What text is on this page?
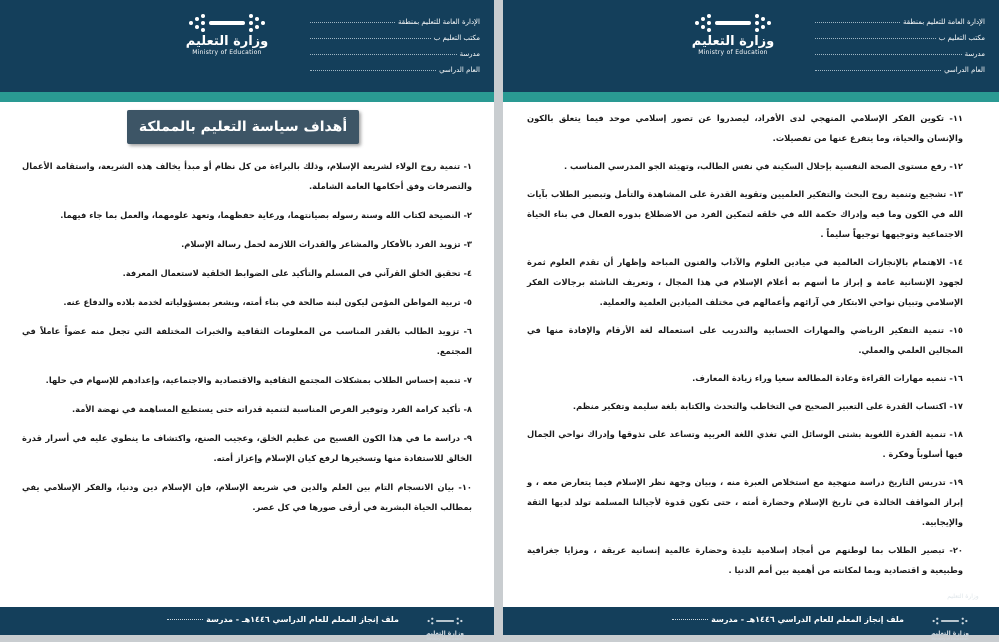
الإدارة العامة للتعليم بمنطقة
مكتب التعليم ب
مدرسة
العام الدراسي
وزارة التعليم
Ministry of Education
أهداف سياسة التعليم بالمملكة
١- تنمية روح الولاء لشريعة الإسلام، وذلك بالبراءة من كل نظام أو مبدأ يخالف هذه الشريعة، واستقامة الأعمال والتصرفات وفق أحكامها العامة الشاملة.
٢- النصيحة لكتاب الله وسنة رسوله بصيانتهما، ورعاية حفظهما، وتعهد علومهما، والعمل بما جاء فيهما.
٣- تزويد الفرد بالأفكار والمشاعر والقدرات اللازمة لحمل رسالة الإسلام.
٤- تحقيق الخلق القرآني في المسلم والتأكيد على الضوابط الخلقية لاستعمال المعرفة.
٥- تربية المواطن المؤمن ليكون لبنة صالحة في بناء أمته، ويشعر بمسؤولياته لخدمة بلاده والدفاع عنه.
٦- تزويد الطالب بالقدر المناسب من المعلومات الثقافية والخبرات المختلفة التي تجعل منه عضواً عاملاً في المجتمع.
٧- تنمية إحساس الطلاب بمشكلات المجتمع الثقافية والاقتصادية والاجتماعية، وإعدادهم للإسهام في حلها.
٨- تأكيد كرامة الفرد وتوفير الفرص المناسبة لتنمية قدراته حتى يستطيع المساهمة في نهضة الأمة.
٩- دراسة ما في هذا الكون الفسيح من عظيم الخلق، وعجيب الصنع، واكتشاف ما ينطوي عليه في أسرار قدرة الخالق للاستفادة منها وتسخيرها لرفع كيان الإسلام وإعزاز أمته.
١٠- بيان الانسجام التام بين العلم والدين في شريعة الإسلام، فإن الإسلام دين ودنيا، والفكر الإسلامي يفي بمطالب الحياة البشرية في أرقى صورها في كل عصر.
ملف إنجاز المعلم للعام الدراسي ١٤٤٦هـ - مدرسة
وزارة التعليم
Ministry of Education
الإدارة العامة للتعليم بمنطقة
مكتب التعليم ب
مدرسة
العام الدراسي
وزارة التعليم
Ministry of Education
١١- تكوين الفكر الإسلامي المنهجي لدى الأفراد، ليصدروا عن تصور إسلامي موحد فيما يتعلق بالكون والإنسان والحياة، وما يتفرع عنها من تفصيلات.
١٢- رفع مستوى الصحة النفسية بإحلال السكينة في نفس الطالب، وتهيئة الجو المدرسي المناسب .
١٣- تشجيع وتنمية روح البحث والتفكير العلميين وتقوية القدرة على المشاهدة والتأمل وتبصير الطلاب بآيات الله في الكون وما فيه وإدراك حكمة الله في خلقه لتمكين الفرد من الاضطلاع بدوره الفعال في بناء الحياة الاجتماعية وتوجيهها توجيهاً سليماً .
١٤- الاهتمام بالإنجازات العالمية في ميادين العلوم والآداب والفنون المباحة وإظهار أن تقدم العلوم ثمرة لجهود الإنسانية عامة و إبراز ما أسهم به أعلام الإسلام في هذا المجال ، وتعريف الناشئة برجالات الفكر الإسلامي وتبيان نواحي الابتكار في آرائهم وأعمالهم في مختلف الميادين العلمية والعملية.
١٥- تنمية التفكير الرياضي والمهارات الحسابية والتدريب على استعماله لغة الأرقام والإفادة منها في المجالين العلمي والعملي.
١٦- تنميه مهارات القراءة وعادة المطالعة سعيا وراء زيادة المعارف.
١٧- اكتساب القدرة على التعبير الصحيح في التخاطب والتحدث والكتابة بلغة سليمة وتفكير منظم.
١٨- تنمية القدرة اللغوية بشتى الوسائل التي تغذي اللغة العربية وتساعد على تذوقها وإدراك نواحي الجمال فيها أسلوباً وفكرة .
١٩- تدريس التاريخ دراسة منهجية مع استخلاص العبرة منه ، وبيان وجهة نظر الإسلام فيما يتعارض معه ، و إبراز المواقف الخالدة في تاريخ الإسلام وحضارة أمته ، حتى تكون قدوة لأجيالنا المسلمة تولد لديها الثقة والإيجابية.
٢٠- تبصير الطلاب بما لوطنهم من أمجاد إسلامية تليدة وحضارة عالمية إنسانية عريقة ، ومزايا جغرافية وطبيعية و اقتصادية وبما لمكانته من أهمية بين أمم الدنيا .
وزارة التعليم
ملف إنجاز المعلم للعام الدراسي ١٤٤٦هـ - مدرسة
وزارة التعليم
Ministry of Education
